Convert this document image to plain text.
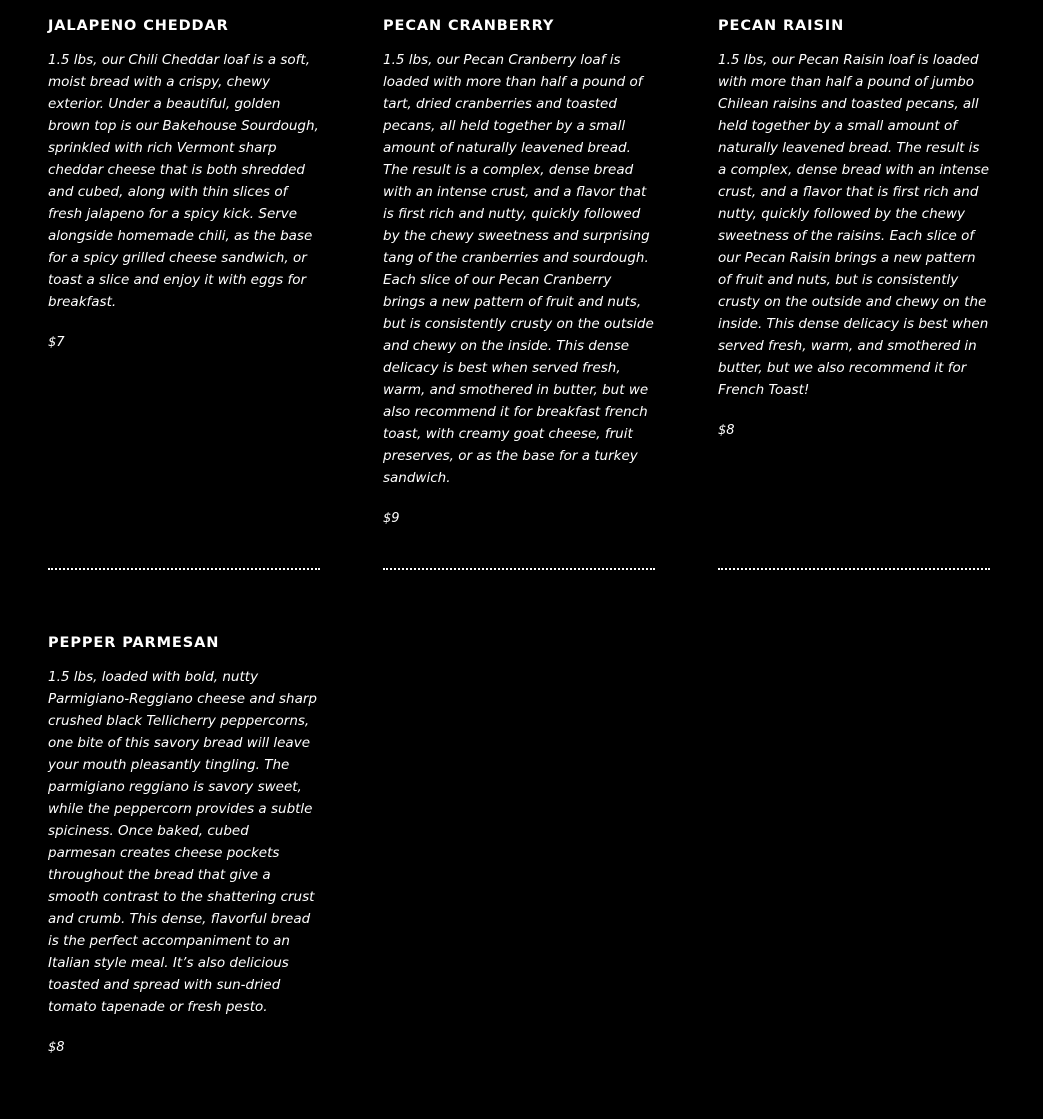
JALAPENO CHEDDAR

1.5 lbs, our Chili Cheddar loaf is a soft, moist bread with a crispy, chewy exterior. Under a beautiful, golden brown top is our Bakehouse Sourdough, sprinkled with rich Vermont sharp cheddar cheese that is both shredded and cubed, along with thin slices of fresh jalapeno for a spicy kick. Serve alongside homemade chili, as the base for a spicy grilled cheese sandwich, or toast a slice and enjoy it with eggs for breakfast.

$7

PECAN CRANBERRY

1.5 lbs, our Pecan Cranberry loaf is loaded with more than half a pound of tart, dried cranberries and toasted pecans, all held together by a small amount of naturally leavened bread. The result is a complex, dense bread with an intense crust, and a flavor that is first rich and nutty, quickly followed by the chewy sweetness and surprising tang of the cranberries and sourdough. Each slice of our Pecan Cranberry brings a new pattern of fruit and nuts, but is consistently crusty on the outside and chewy on the inside. This dense delicacy is best when served fresh, warm, and smothered in butter, but we also recommend it for breakfast french toast, with creamy goat cheese, fruit preserves, or as the base for a turkey sandwich.

$9

PECAN RAISIN

1.5 lbs, our Pecan Raisin loaf is loaded with more than half a pound of jumbo Chilean raisins and toasted pecans, all held together by a small amount of naturally leavened bread. The result is a complex, dense bread with an intense crust, and a flavor that is first rich and nutty, quickly followed by the chewy sweetness of the raisins. Each slice of our Pecan Raisin brings a new pattern of fruit and nuts, but is consistently crusty on the outside and chewy on the inside. This dense delicacy is best when served fresh, warm, and smothered in butter, but we also recommend it for French Toast!

$8

PEPPER PARMESAN

1.5 lbs, loaded with bold, nutty Parmigiano-Reggiano cheese and sharp crushed black Tellicherry peppercorns, one bite of this savory bread will leave your mouth pleasantly tingling. The parmigiano reggiano is savory sweet, while the peppercorn provides a subtle spiciness. Once baked, cubed parmesan creates cheese pockets throughout the bread that give a smooth contrast to the shattering crust and crumb. This dense, flavorful bread is the perfect accompaniment to an Italian style meal. It’s also delicious toasted and spread with sun-dried tomato tapenade or fresh pesto.

$8
